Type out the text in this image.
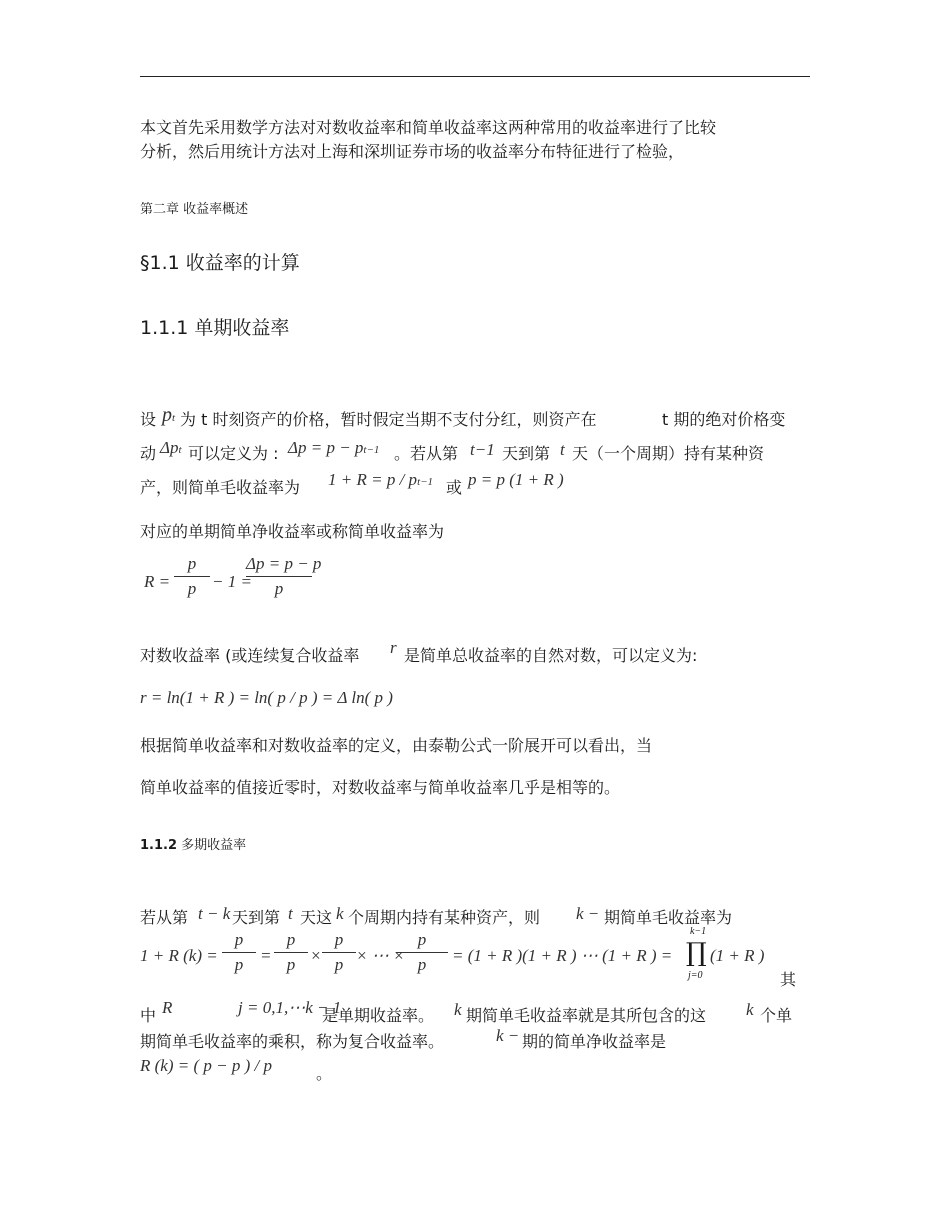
本文首先采用数学方法对对数收益率和简单收益率这两种常用的收益率进行了比较
分析，然后用统计方法对上海和深圳证券市场的收益率分布特征进行了检验，
第二章 收益率概述
§1.1 收益率的计算
1.1.1 单期收益率
设 pt 为 t 时刻资产的价格，暂时假定当期不支付分红，则资产在	t 期的绝对价格变
动 Δpt 可以定义为 : Δp = p − pt−1 。若从第 t−1 天到第 t 天（一个周期）持有某种资
产，则简单毛收益率为 1 + R = p / pt−1 或 p = p (1 + R )
对应的单期简单净收益率或称简单收益率为
R =
p
p − 1 =
Δp = p − p
p
对数收益率 (或连续复合收益率 r 是简单总收益率的自然对数，可以定义为:
r = ln(1 + R ) = ln( p / p ) = Δ ln( p )
根据简单收益率和对数收益率的定义，由泰勒公式一阶展开可以看出，当
简单收益率的值接近零时，对数收益率与简单收益率几乎是相等的。
1.1.2 多期收益率
若从第 t − k 天到第 t 天这 k 个周期内持有某种资产，则 k − 期简单毛收益率为
1 + R (k) =
p
p =
p
p ×
p
p × ⋯ ×
p
p	= (1 + R )(1 + R ) ⋯ (1 + R ) =
k−1
∏
j=0
(1 + R )
其
中 R	j = 0,1,⋯k − 1
是单期收益率。 k 期简单毛收益率就是其所包含的这 k 个单
期简单毛收益率的乘积，称为复合收益率。	k − 期的简单净收益率是
R (k) = ( p − p ) / p	。
